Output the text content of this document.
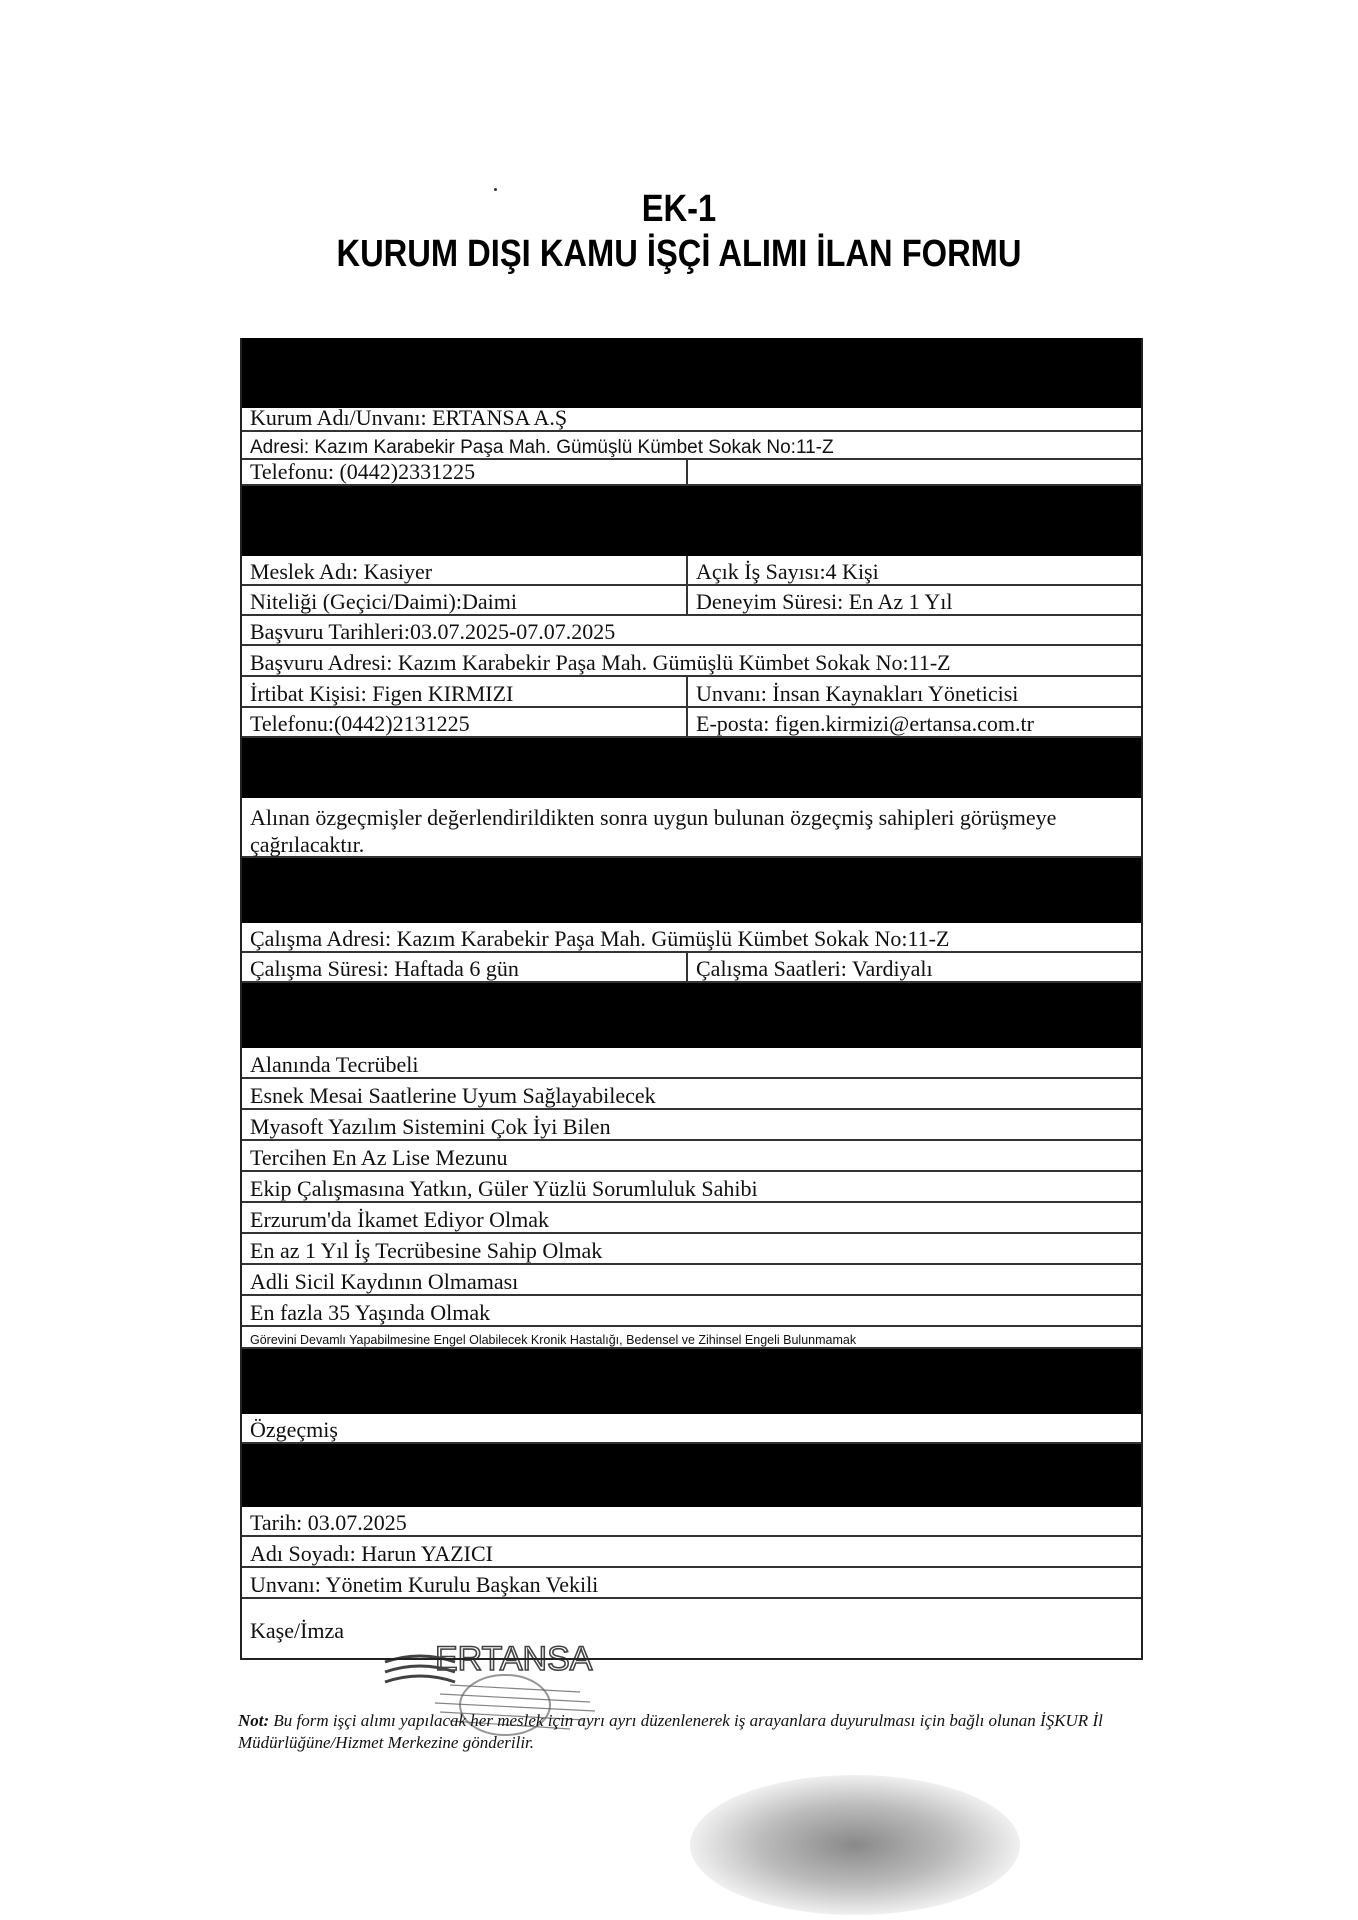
EK-1
KURUM DIŞI KAMU İŞÇİ ALIMI İLAN FORMU
Kurum Adı/Unvanı: ERTANSA A.Ş
Adresi: Kazım Karabekir Paşa Mah. Gümüşlü Kümbet Sokak No:11-Z
Telefonu: (0442)2331225
Meslek Adı: Kasiyer	Açık İş Sayısı:4 Kişi
Niteliği (Geçici/Daimi):Daimi	Deneyim Süresi: En Az 1 Yıl
Başvuru Tarihleri:03.07.2025-07.07.2025
Başvuru Adresi: Kazım Karabekir Paşa Mah. Gümüşlü Kümbet Sokak No:11-Z
İrtibat Kişisi: Figen KIRMIZI	Unvanı: İnsan Kaynakları Yöneticisi
Telefonu:(0442)2131225	E-posta: figen.kirmizi@ertansa.com.tr
Alınan özgeçmişler değerlendirildikten sonra uygun bulunan özgeçmiş sahipleri görüşmeye çağrılacaktır.
Çalışma Adresi: Kazım Karabekir Paşa Mah. Gümüşlü Kümbet Sokak No:11-Z
Çalışma Süresi: Haftada 6 gün	Çalışma Saatleri: Vardiyalı
Alanında Tecrübeli
Esnek Mesai Saatlerine Uyum Sağlayabilecek
Myasoft Yazılım Sistemini Çok İyi Bilen
Tercihen En Az Lise Mezunu
Ekip Çalışmasına Yatkın, Güler Yüzlü Sorumluluk Sahibi
Erzurum'da İkamet Ediyor Olmak
En az 1 Yıl İş Tecrübesine Sahip Olmak
Adli Sicil Kaydının Olmaması
En fazla 35 Yaşında Olmak
Görevini Devamlı Yapabilmesine Engel Olabilecek Kronik Hastalığı, Bedensel ve Zihinsel Engeli Bulunmamak
Özgeçmiş
Tarih: 03.07.2025
Adı Soyadı: Harun YAZICI
Unvanı: Yönetim Kurulu Başkan Vekili
Kaşe/İmza
ERTANSA
Not: Bu form işçi alımı yapılacak her meslek için ayrı ayrı düzenlenerek iş arayanlara duyurulması için bağlı olunan İŞKUR İl Müdürlüğüne/Hizmet Merkezine gönderilir.
